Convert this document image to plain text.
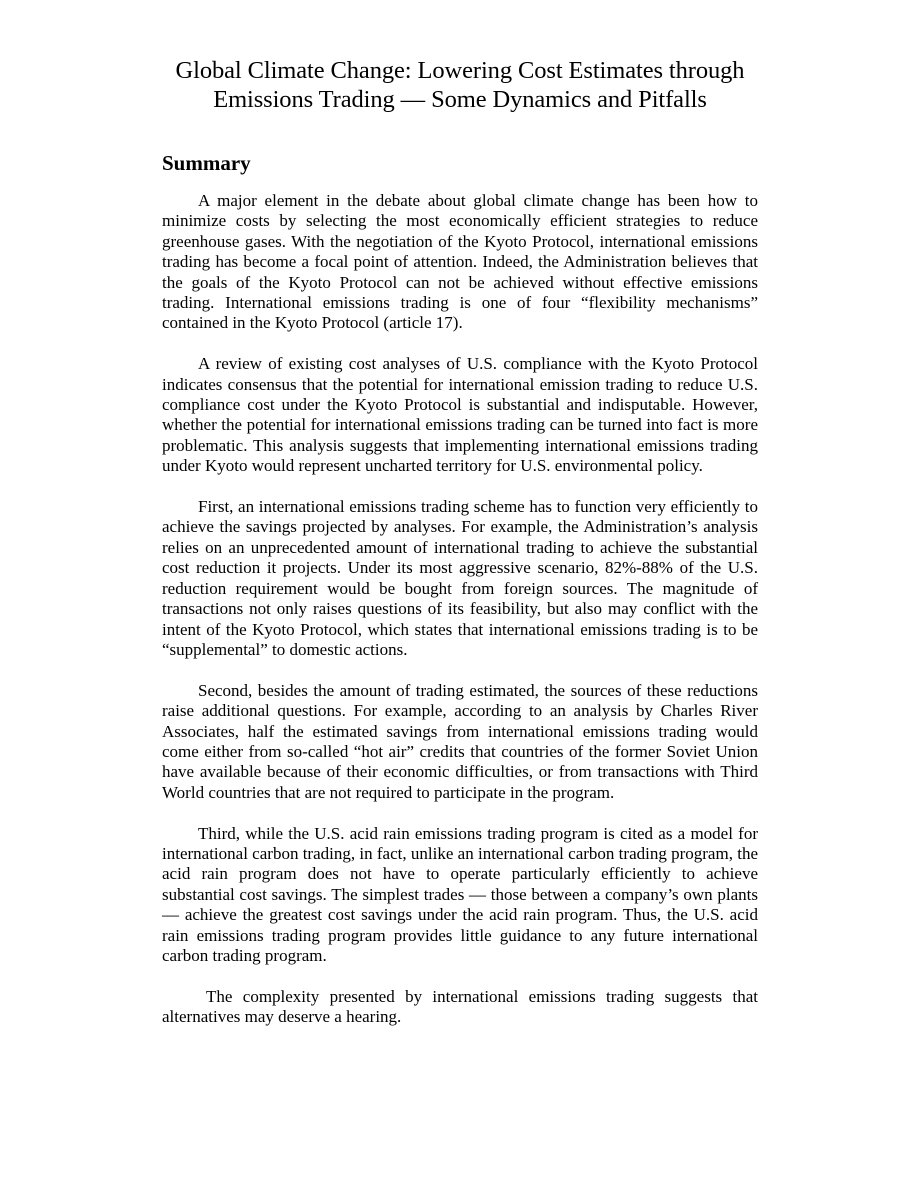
Global Climate Change: Lowering Cost Estimates through
Emissions Trading — Some Dynamics and Pitfalls
Summary

A major element in the debate about global climate change has been how to minimize costs by selecting the most economically efficient strategies to reduce greenhouse gases. With the negotiation of the Kyoto Protocol, international emissions trading has become a focal point of attention. Indeed, the Administration believes that the goals of the Kyoto Protocol can not be achieved without effective emissions trading. International emissions trading is one of four “flexibility mechanisms” contained in the Kyoto Protocol (article 17).

A review of existing cost analyses of U.S. compliance with the Kyoto Protocol indicates consensus that the potential for international emission trading to reduce U.S. compliance cost under the Kyoto Protocol is substantial and indisputable. However, whether the potential for international emissions trading can be turned into fact is more problematic. This analysis suggests that implementing international emissions trading under Kyoto would represent uncharted territory for U.S. environmental policy.

First, an international emissions trading scheme has to function very efficiently to achieve the savings projected by analyses. For example, the Administration’s analysis relies on an unprecedented amount of international trading to achieve the substantial cost reduction it projects. Under its most aggressive scenario, 82%-88% of the U.S. reduction requirement would be bought from foreign sources. The magnitude of transactions not only raises questions of its feasibility, but also may conflict with the intent of the Kyoto Protocol, which states that international emissions trading is to be “supplemental” to domestic actions.

Second, besides the amount of trading estimated, the sources of these reductions raise additional questions. For example, according to an analysis by Charles River Associates, half the estimated savings from international emissions trading would come either from so-called “hot air” credits that countries of the former Soviet Union have available because of their economic difficulties, or from transactions with Third World countries that are not required to participate in the program.

Third, while the U.S. acid rain emissions trading program is cited as a model for international carbon trading, in fact, unlike an international carbon trading program, the acid rain program does not have to operate particularly efficiently to achieve substantial cost savings. The simplest trades — those between a company’s own plants — achieve the greatest cost savings under the acid rain program. Thus, the U.S. acid rain emissions trading program provides little guidance to any future international carbon trading program.

The complexity presented by international emissions trading suggests that alternatives may deserve a hearing.
